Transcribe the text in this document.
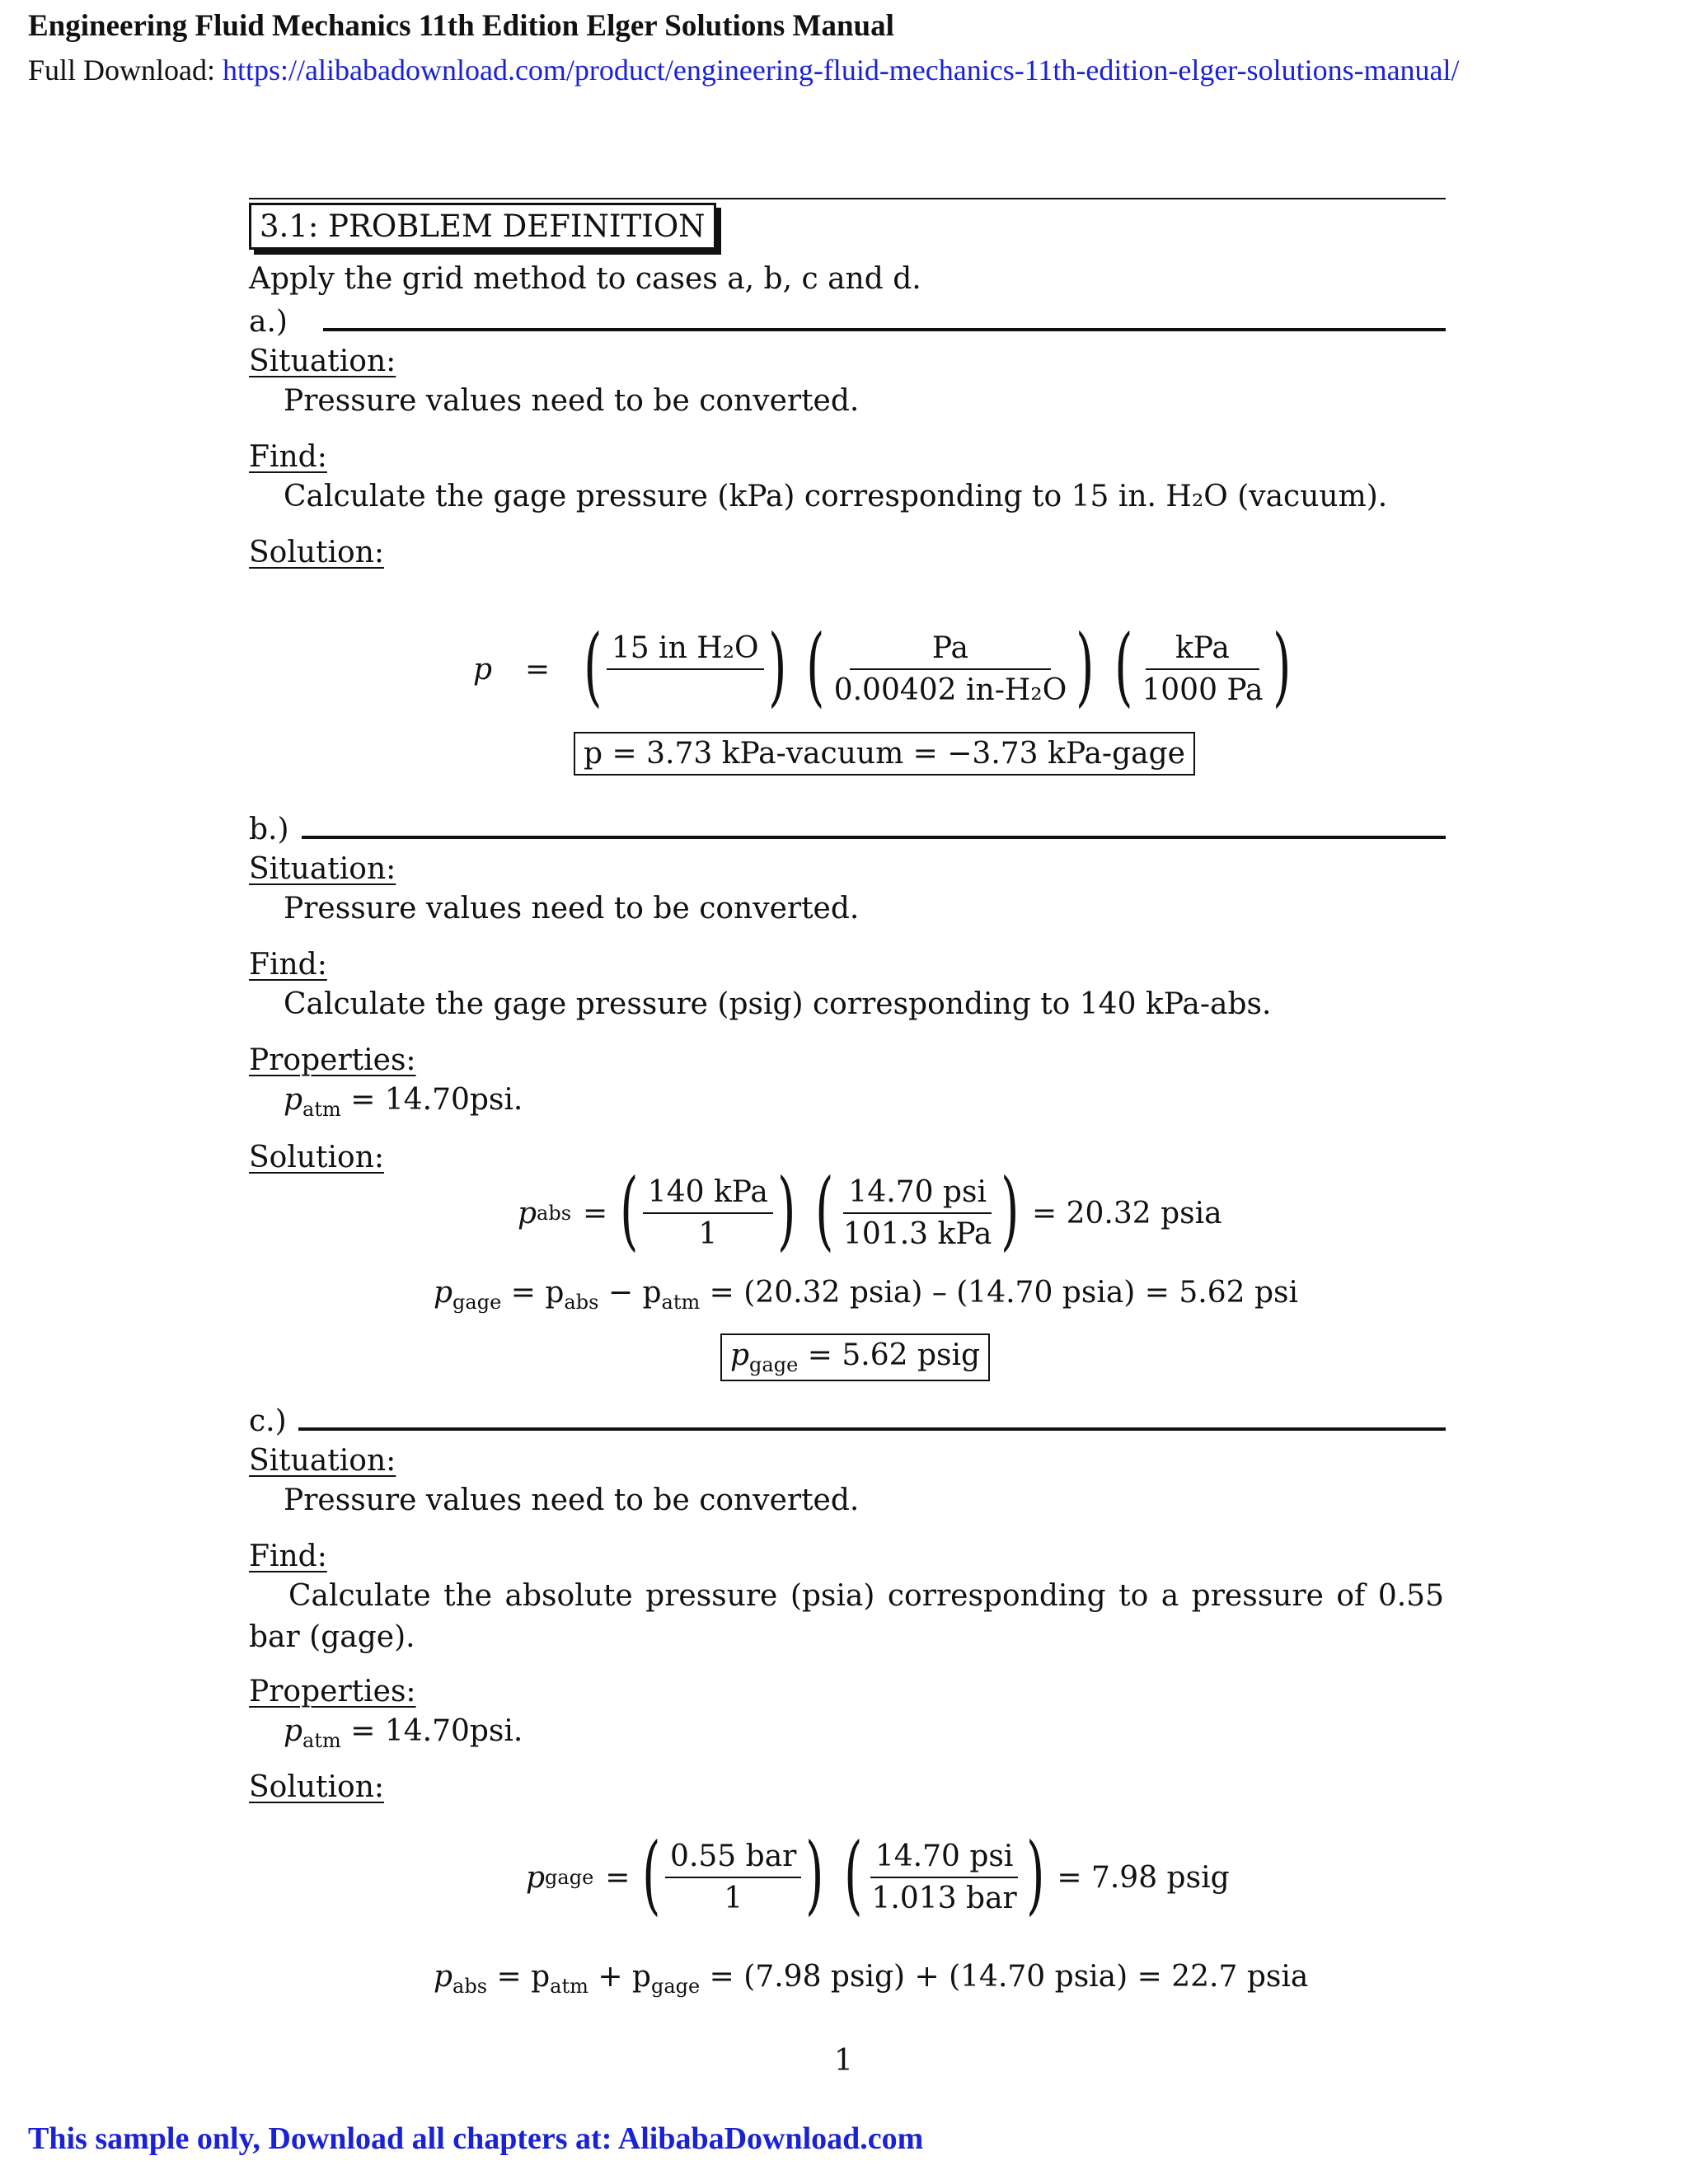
Engineering Fluid Mechanics 11th Edition Elger Solutions Manual
Full Download: https://alibabadownload.com/product/engineering-fluid-mechanics-11th-edition-elger-solutions-manual/
3.1: PROBLEM DEFINITION
Apply the grid method to cases a, b, c and d.
a.)
Situation:
Pressure values need to be converted.
Find:
Calculate the gage pressure (kPa) corresponding to 15 in. H₂O (vacuum).
Solution:
p = ( 15 in H₂O
) ( $\frac{Pa}{\text{0.00402 in-H₂O}}$ ) ( $\frac{\text{kPa}}{1000 Pa}$ )
p = 3.73 kPa-vacuum = −3.73 kPa-gage
b.)
Situation:
Pressure values need to be converted.
Find:
Calculate the gage pressure (psig) corresponding to 140 kPa-abs.
Properties:
$p_{atm} = 14.70psi$.
Solution:
p abs = ( $\frac{\text{140 kPa}}{1}$ ) ( $\frac{\text{14.70 psi}}{\text{101.3 kPa}}$ ) = 20.32 psia
$p_{gage} = p_{abs} - p_{atm} = (20.32$ psia) – (14.70 psia) = 5.62 psi
$p_{gage} = 5.62$ psig
c.)
Situation:
Pressure values need to be converted.
Find:
Calculate the absolute pressure (psia) corresponding to a pressure of 0.55 bar (gage).
Properties:
$p_{atm} = 14.70psi$.
Solution:
p gage = ( $\frac{\text{0.55 bar}}{1}$ ) ( $\frac{\text{14.70 psi}}{\text{1.013 bar}}$ ) = 7.98 psig
$p_{abs} = p_{atm} + p_{gage} = (7.98$ psig) + (14.70 psia) = 22.7 psia
1
This sample only, Download all chapters at: AlibabaDownload.com
